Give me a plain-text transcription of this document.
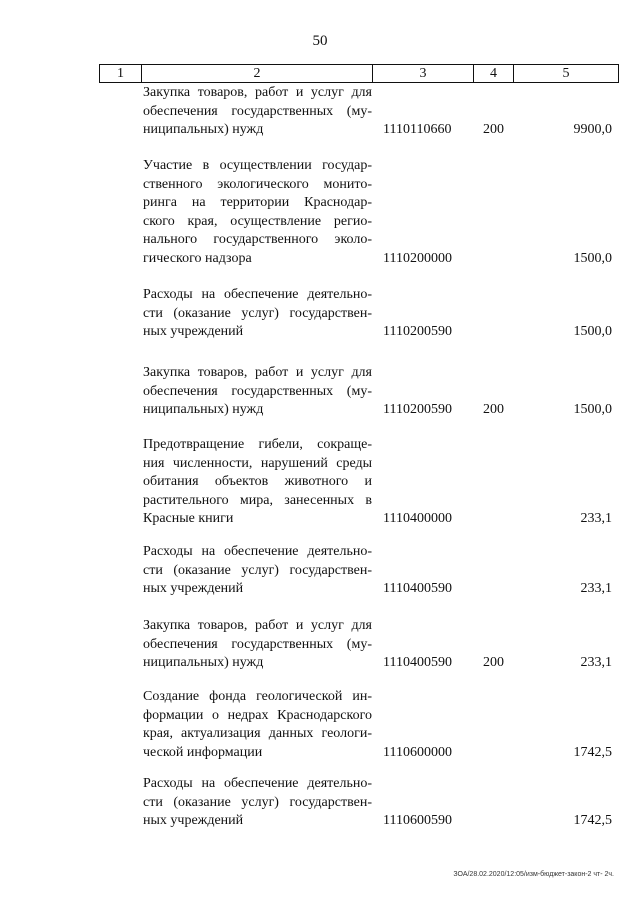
50
1	2	3	4	5
Закупка товаров, работ и услуг для
обеспечения государственных (му-
ниципальных) нужд	1110110660 200	9900,0
Участие в осуществлении государ-
ственного экологического монито-
ринга на территории Краснодар-
ского края, осуществление регио-
нального государственного эколо-
гического надзора	1110200000	1500,0
Расходы на обеспечение деятельно-
сти (оказание услуг) государствен-
ных учреждений	1110200590	1500,0
Закупка товаров, работ и услуг для
обеспечения государственных (му-
ниципальных) нужд	1110200590 200	1500,0
Предотвращение гибели, сокраще-
ния численности, нарушений среды
обитания объектов животного и
растительного мира, занесенных в
Красные книги	1110400000	233,1
Расходы на обеспечение деятельно-
сти (оказание услуг) государствен-
ных учреждений	1110400590	233,1
Закупка товаров, работ и услуг для
обеспечения государственных (му-
ниципальных) нужд	1110400590 200	233,1
Создание фонда геологической ин-
формации о недрах Краснодарского
края, актуализация данных геологи-
ческой информации	1110600000	1742,5
Расходы на обеспечение деятельно-
сти (оказание услуг) государствен-
ных учреждений	1110600590	1742,5
ЗОА/28.02.2020/12:05/изм-бюджет-закон-2 чт- 2ч.
